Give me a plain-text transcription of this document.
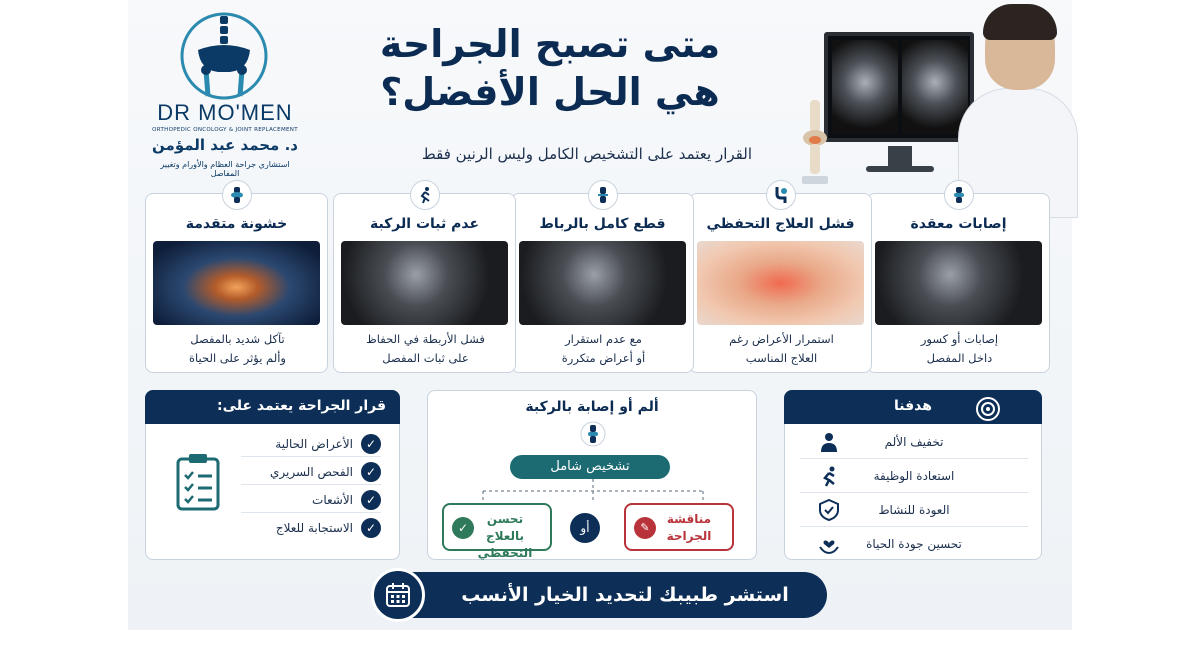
DR MO'MEN
ORTHOPEDIC ONCOLOGY & JOINT REPLACEMENT
د. محمد عبد المؤمن
استشاري جراحة العظام والأورام وتغيير المفاصل
متى تصبح الجراحة
هي الحل الأفضل؟
القرار يعتمد على التشخيص الكامل وليس الرنين فقط
إصابات معقدة
إصابات أو كسور
داخل المفصل
فشل العلاج التحفظي
استمرار الأعراض رغم
العلاج المناسب
قطع كامل بالرباط
مع عدم استقرار
أو أعراض متكررة
عدم ثبات الركبة
فشل الأربطة في الحفاظ
على ثبات المفصل
خشونة متقدمة
تآكل شديد بالمفصل
وألم يؤثر على الحياة
قرار الجراحة يعتمد على:
✓
الأعراض الحالية
✓
الفحص السريري
✓
الأشعات
✓
الاستجابة للعلاج
ألم أو إصابة بالركبة
تشخيص شامل
✓
تحسن بالعلاج التحفظي
أو	✎
مناقشة الجراحة
هدفنا
تخفيف الألم
استعادة الوظيفة
العودة للنشاط
تحسين جودة الحياة
استشر طبيبك لتحديد الخيار الأنسب لحالتك
